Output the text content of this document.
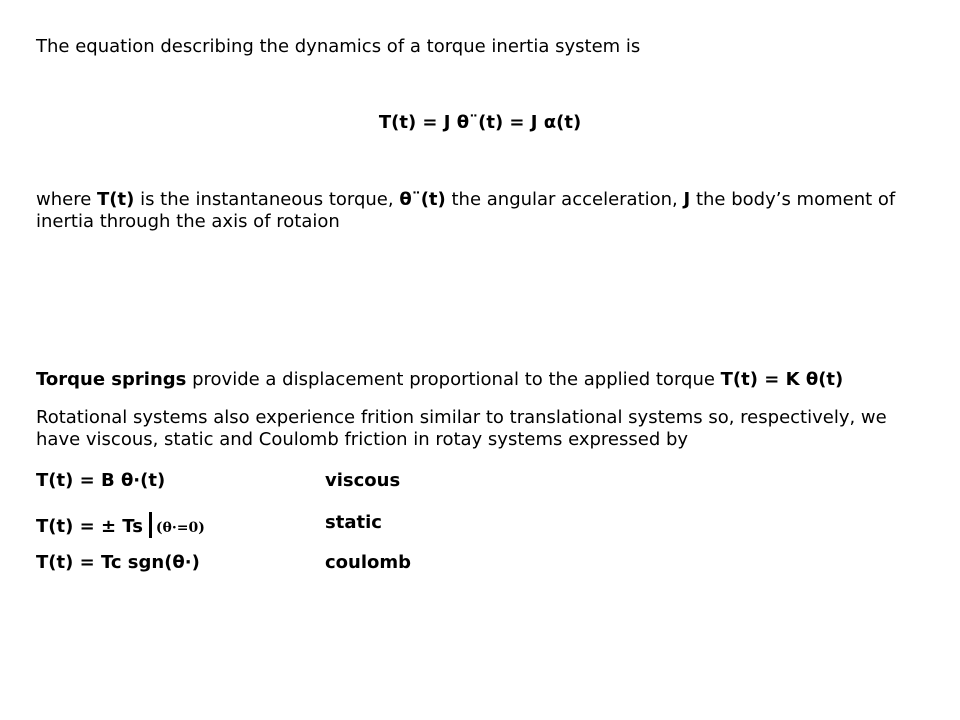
The equation describing the dynamics of a torque inertia system is
T(t) = J θ¨(t) = J α(t)
where T(t) is the instantaneous torque, θ¨(t) the angular acceleration, J the body’s moment of inertia through the axis of rotaion
Torque springs provide a displacement proportional to the applied torque T(t) = K θ(t)
Rotational systems also experience frition similar to translational systems so, respectively, we have viscous, static and Coulomb friction in rotay systems expressed by
T(t) = B θ·(t)	viscous
T(t) = ± Ts (θ·=0)	static
T(t) = Tc sgn(θ·)	coulomb
